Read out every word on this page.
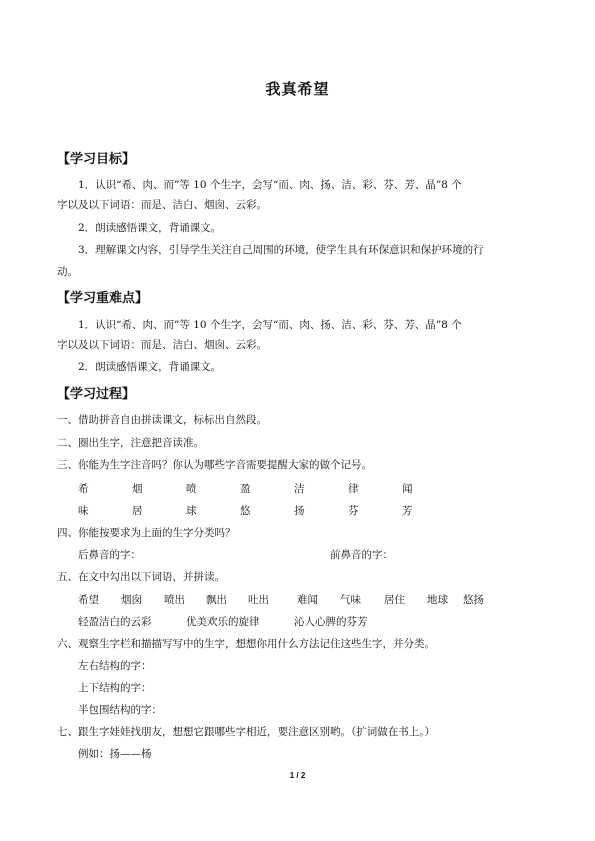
我真希望
【学习目标】
1．认识“希、肉、而”等 10 个生字，会写“而、肉、扬、洁、彩、芬、芳、晶”8 个
字以及以下词语：而是、洁白、烟囱、云彩。
2．朗读感悟课文，背诵课文。
3．理解课文内容，引导学生关注自己周围的环境，使学生具有环保意识和保护环境的行
动。
【学习重难点】
1．认识“希、肉、而”等 10 个生字，会写“而、肉、扬、洁、彩、芬、芳、晶”8 个
字以及以下词语：而是、洁白、烟囱、云彩。
2．朗读感悟课文，背诵课文。
【学习过程】
一、借助拼音自由拼读课文，标标出自然段。
二、圈出生字，注意把音读准。
三、你能为生字注音吗？你认为哪些字音需要提醒大家的做个记号。
希	烟	喷	盈	洁	律	闻
味	居	球	悠	扬	芬	芳
四、你能按要求为上面的生字分类吗？
后鼻音的字：	前鼻音的字：
五、在文中勾出以下词语，并拼读。
希望 烟囱 喷出 飘出 吐出	难闻 气味 居住 地球 悠扬
轻盈洁白的云彩	优美欢乐的旋律	沁人心脾的芬芳
六、观察生字栏和描描写写中的生字，想想你用什么方法记住这些生字，并分类。
左右结构的字：
上下结构的字：
半包围结构的字：
七、跟生字娃娃找朋友，想想它跟哪些字相近，要注意区别哟。（扩词做在书上。）
例如：扬——杨
1 / 2
